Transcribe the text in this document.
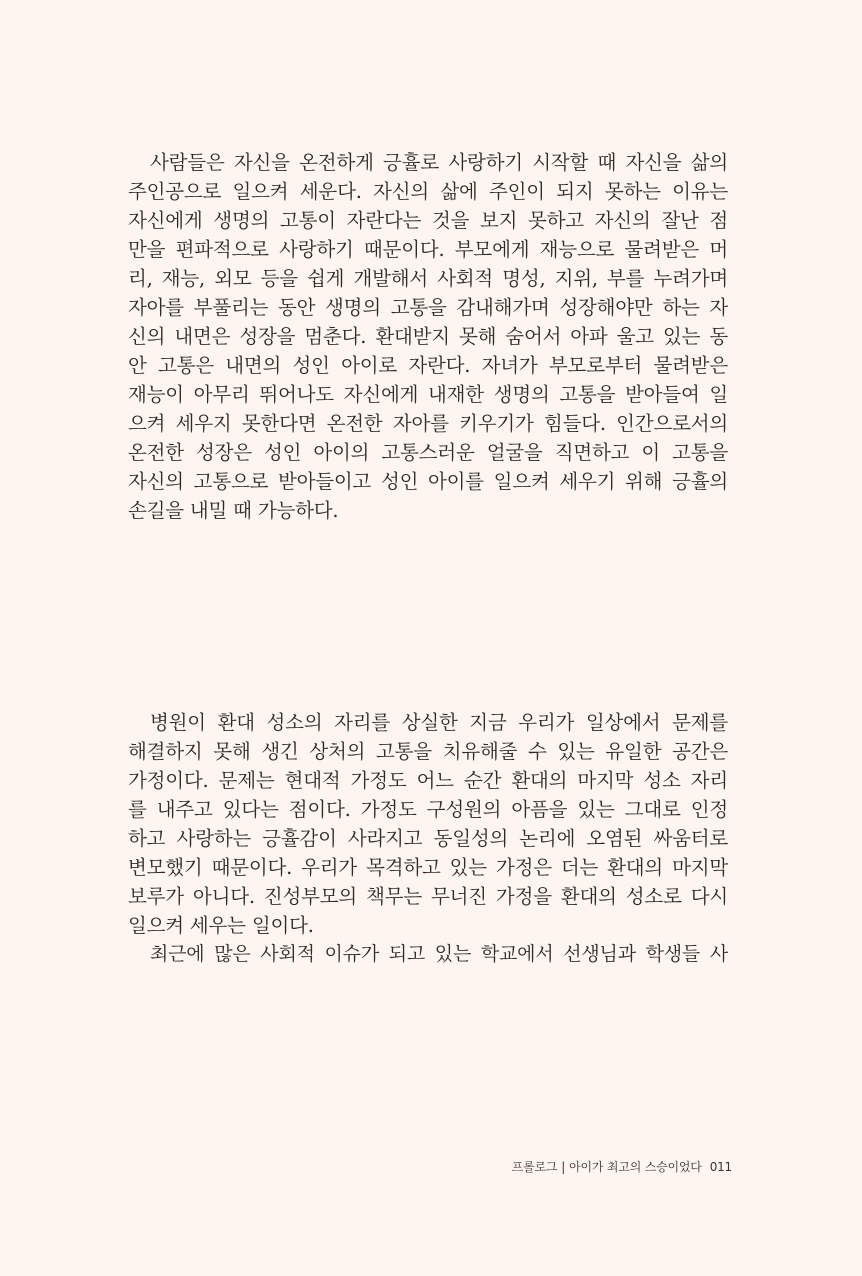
사람들은 자신을 온전하게 긍휼로 사랑하기 시작할 때 자신을 삶의
주인공으로 일으켜 세운다. 자신의 삶에 주인이 되지 못하는 이유는
자신에게 생명의 고통이 자란다는 것을 보지 못하고 자신의 잘난 점
만을 편파적으로 사랑하기 때문이다. 부모에게 재능으로 물려받은 머
리, 재능, 외모 등을 쉽게 개발해서 사회적 명성, 지위, 부를 누려가며
자아를 부풀리는 동안 생명의 고통을 감내해가며 성장해야만 하는 자
신의 내면은 성장을 멈춘다. 환대받지 못해 숨어서 아파 울고 있는 동
안 고통은 내면의 성인 아이로 자란다. 자녀가 부모로부터 물려받은
재능이 아무리 뛰어나도 자신에게 내재한 생명의 고통을 받아들여 일
으켜 세우지 못한다면 온전한 자아를 키우기가 힘들다. 인간으로서의
온전한 성장은 성인 아이의 고통스러운 얼굴을 직면하고 이 고통을
자신의 고통으로 받아들이고 성인 아이를 일으켜 세우기 위해 긍휼의
손길을 내밀 때 가능하다.
병원이 환대 성소의 자리를 상실한 지금 우리가 일상에서 문제를
해결하지 못해 생긴 상처의 고통을 치유해줄 수 있는 유일한 공간은
가정이다. 문제는 현대적 가정도 어느 순간 환대의 마지막 성소 자리
를 내주고 있다는 점이다. 가정도 구성원의 아픔을 있는 그대로 인정
하고 사랑하는 긍휼감이 사라지고 동일성의 논리에 오염된 싸움터로
변모했기 때문이다. 우리가 목격하고 있는 가정은 더는 환대의 마지막
보루가 아니다. 진성부모의 책무는 무너진 가정을 환대의 성소로 다시
일으켜 세우는 일이다.
최근에 많은 사회적 이슈가 되고 있는 학교에서 선생님과 학생들 사
프롤로그 | 아이가 최고의 스승이었다 011
